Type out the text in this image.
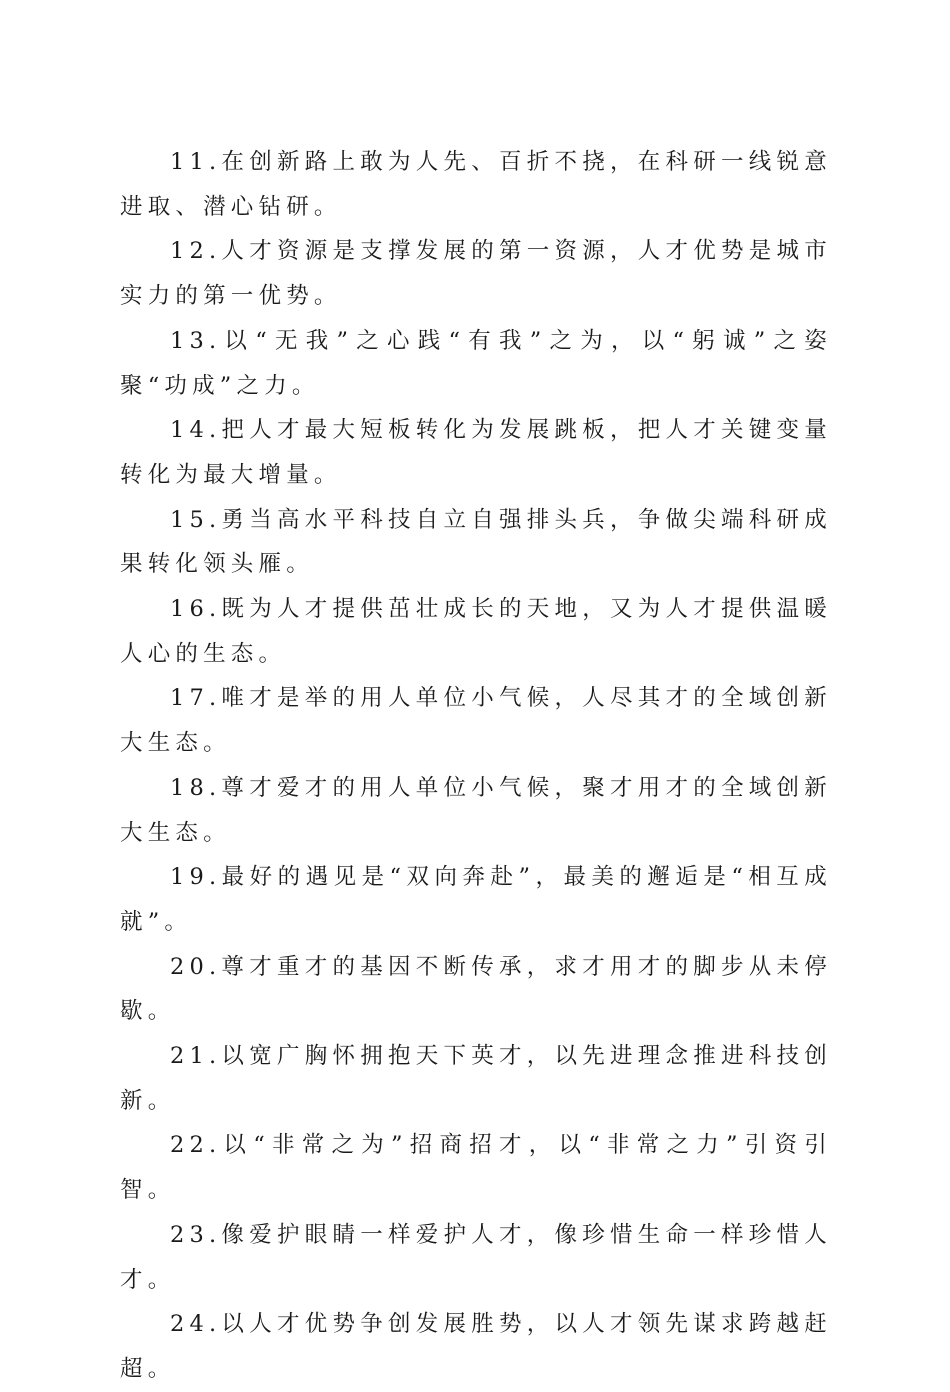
11.在创新路上敢为人先、百折不挠，在科研一线锐意进取、潜心钻研。

12.人才资源是支撑发展的第一资源，人才优势是城市实力的第一优势。

13.以“无我”之心践“有我”之为，以“躬诚”之姿聚“功成”之力。

14.把人才最大短板转化为发展跳板，把人才关键变量转化为最大增量。

15.勇当高水平科技自立自强排头兵，争做尖端科研成果转化领头雁。

16.既为人才提供茁壮成长的天地，又为人才提供温暖人心的生态。

17.唯才是举的用人单位小气候，人尽其才的全域创新大生态。

18.尊才爱才的用人单位小气候，聚才用才的全域创新大生态。

19.最好的遇见是“双向奔赴”，最美的邂逅是“相互成就”。

20.尊才重才的基因不断传承，求才用才的脚步从未停歇。

21.以宽广胸怀拥抱天下英才，以先进理念推进科技创新。

22.以“非常之为”招商招才，以“非常之力”引资引智。

23.像爱护眼睛一样爱护人才，像珍惜生命一样珍惜人才。

24.以人才优势争创发展胜势，以人才领先谋求跨越赶超。
